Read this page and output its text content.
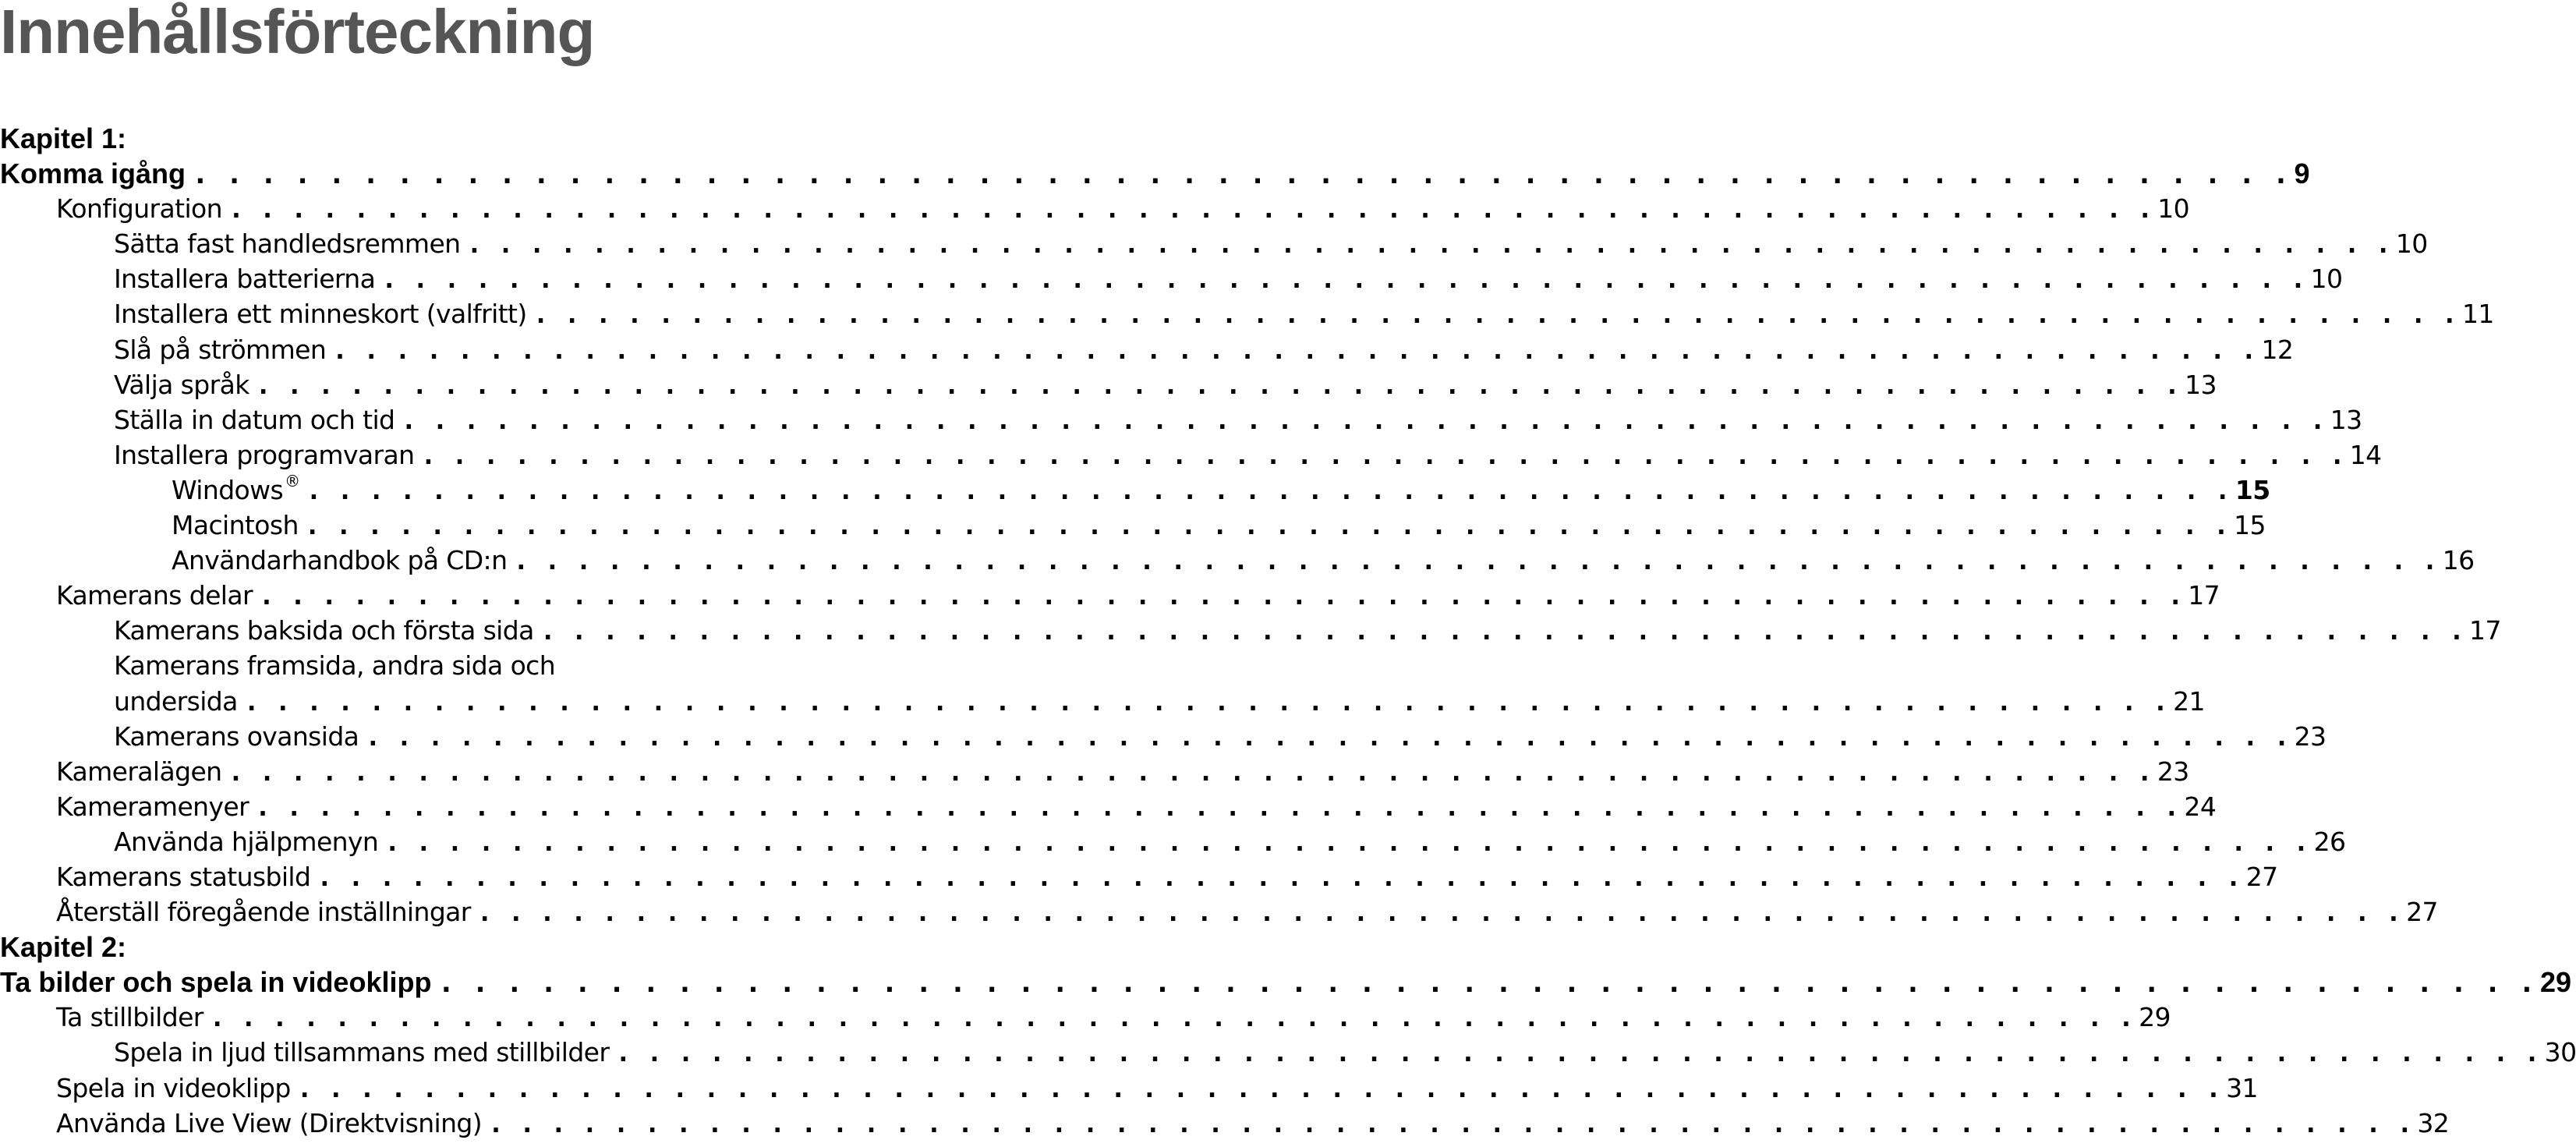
Innehållsförteckning
Kapitel 1:
Komma igång . . . . . . . . . . . . . . . . . . . . . . . . . . . . . . . . . . . . . . . . . . . . . . . . . . . . . . . . . . . . . . 9
Konfiguration . . . . . . . . . . . . . . . . . . . . . . . . . . . . . . . . . . . . . . . . . . . . . . . . . . . . . . . . . . . . . . 10
Sätta fast handledsremmen . . . . . . . . . . . . . . . . . . . . . . . . . . . . . . . . . . . . . . . . . . . . . . . . . . . . . . . . . . . . . . 10
Installera batterierna . . . . . . . . . . . . . . . . . . . . . . . . . . . . . . . . . . . . . . . . . . . . . . . . . . . . . . . . . . . . . . 10
Installera ett minneskort (valfritt) . . . . . . . . . . . . . . . . . . . . . . . . . . . . . . . . . . . . . . . . . . . . . . . . . . . . . . . . . . . . . . 11
Slå på strömmen . . . . . . . . . . . . . . . . . . . . . . . . . . . . . . . . . . . . . . . . . . . . . . . . . . . . . . . . . . . . . . 12
Välja språk . . . . . . . . . . . . . . . . . . . . . . . . . . . . . . . . . . . . . . . . . . . . . . . . . . . . . . . . . . . . . . 13
Ställa in datum och tid . . . . . . . . . . . . . . . . . . . . . . . . . . . . . . . . . . . . . . . . . . . . . . . . . . . . . . . . . . . . . . 13
Installera programvaran . . . . . . . . . . . . . . . . . . . . . . . . . . . . . . . . . . . . . . . . . . . . . . . . . . . . . . . . . . . . . . 14
Windows ® . . . . . . . . . . . . . . . . . . . . . . . . . . . . . . . . . . . . . . . . . . . . . . . . . . . . . . . . . . . . . . 15
Macintosh . . . . . . . . . . . . . . . . . . . . . . . . . . . . . . . . . . . . . . . . . . . . . . . . . . . . . . . . . . . . . . 15
Användarhandbok på CD:n . . . . . . . . . . . . . . . . . . . . . . . . . . . . . . . . . . . . . . . . . . . . . . . . . . . . . . . . . . . . . . 16
Kamerans delar . . . . . . . . . . . . . . . . . . . . . . . . . . . . . . . . . . . . . . . . . . . . . . . . . . . . . . . . . . . . . . 17
Kamerans baksida och första sida . . . . . . . . . . . . . . . . . . . . . . . . . . . . . . . . . . . . . . . . . . . . . . . . . . . . . . . . . . . . . . 17
Kamerans framsida, andra sida och
undersida . . . . . . . . . . . . . . . . . . . . . . . . . . . . . . . . . . . . . . . . . . . . . . . . . . . . . . . . . . . . . . 21
Kamerans ovansida . . . . . . . . . . . . . . . . . . . . . . . . . . . . . . . . . . . . . . . . . . . . . . . . . . . . . . . . . . . . . . 23
Kameralägen . . . . . . . . . . . . . . . . . . . . . . . . . . . . . . . . . . . . . . . . . . . . . . . . . . . . . . . . . . . . . . 23
Kameramenyer . . . . . . . . . . . . . . . . . . . . . . . . . . . . . . . . . . . . . . . . . . . . . . . . . . . . . . . . . . . . . . 24
Använda hjälpmenyn . . . . . . . . . . . . . . . . . . . . . . . . . . . . . . . . . . . . . . . . . . . . . . . . . . . . . . . . . . . . . . 26
Kamerans statusbild . . . . . . . . . . . . . . . . . . . . . . . . . . . . . . . . . . . . . . . . . . . . . . . . . . . . . . . . . . . . . . 27
Återställ föregående inställningar . . . . . . . . . . . . . . . . . . . . . . . . . . . . . . . . . . . . . . . . . . . . . . . . . . . . . . . . . . . . . . 27
Kapitel 2:
Ta bilder och spela in videoklipp . . . . . . . . . . . . . . . . . . . . . . . . . . . . . . . . . . . . . . . . . . . . . . . . . . . . . . . . . . . . . . 29
Ta stillbilder . . . . . . . . . . . . . . . . . . . . . . . . . . . . . . . . . . . . . . . . . . . . . . . . . . . . . . . . . . . . . . 29
Spela in ljud tillsammans med stillbilder . . . . . . . . . . . . . . . . . . . . . . . . . . . . . . . . . . . . . . . . . . . . . . . . . . . . . . . . . . . . . . 30
Spela in videoklipp . . . . . . . . . . . . . . . . . . . . . . . . . . . . . . . . . . . . . . . . . . . . . . . . . . . . . . . . . . . . . . 31
Använda Live View (Direktvisning) . . . . . . . . . . . . . . . . . . . . . . . . . . . . . . . . . . . . . . . . . . . . . . . . . . . . . . . . . . . . . . 32
